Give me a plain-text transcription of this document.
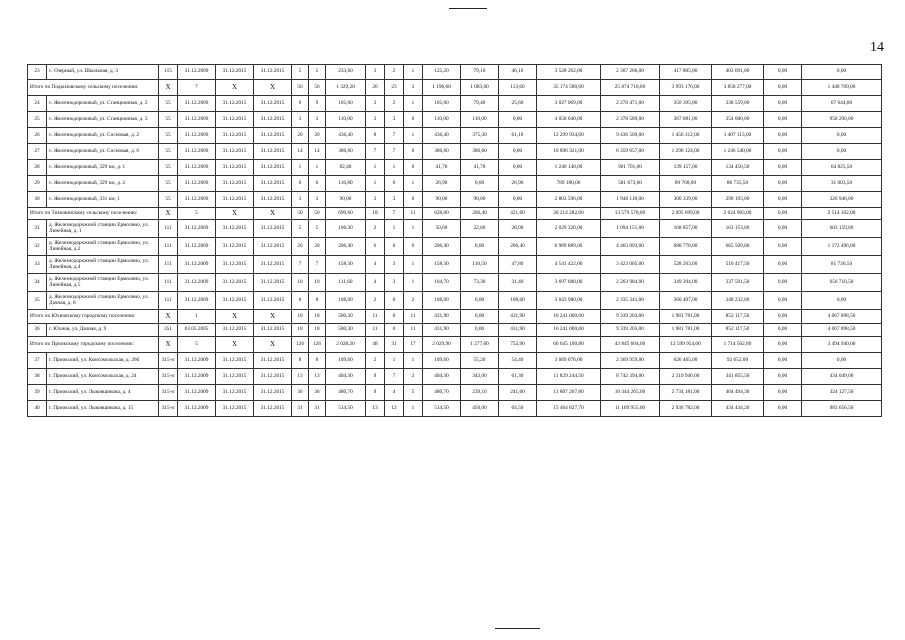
14
23	с. Озерный, ул. Школьная, д. 3	115	31.12.2009	31.12.2015	31.12.2015	5	5	233,60	3	2	1	125,20	79,10	46,10	3 528 262,00	2 307 266,00	417 805,00	403 691,00	0,00	0,00
Итого по Подкизовскому сельскому поселению:		X	7	X	X	56	56	1 329,20	26	23	3	1 196,60	1 083,00	113,60	35 174 580,00	25 874 718,00	3 993 176,00	3 858 277,00	0,00	1 448 709,00
24	с. Железнодорожный, ул. Станционная, д. 2	55	31.12.2009	31.12.2015	31.12.2015	9	9	105,00	3	2	1	105,00	79,40	25,60	3 027 069,00	2 270 471,00	350 395,00	338 559,00	0,00	67 644,00
25	с. Железнодорожный, ул. Станционная, д. 3	55	31.12.2009	31.12.2015	31.12.2015	3	3	110,00	3	3	0	110,00	110,00	0,00	4 058 640,00	2 378 589,00	367 081,00	354 680,00	0,00	958 290,00
26	с. Железнодорожный, ул. Сосновая, д. 2	55	31.12.2009	31.12.2015	31.12.2015	20	20	436,40	8	7	1	436,40	375,30	61,10	12 299 934,00	9 436 509,00	1 456 312,00	1 407 113,00	0,00	0,00
27	с. Железнодорожный, ул. Сосновая, д. 6	55	31.12.2009	31.12.2015	31.12.2015	14	14	386,60	7	7	0	386,60	386,60	0,00	10 896 321,00	8 359 657,00	1 290 124,00	1 246 540,00	0,00	0,00
28	с. Железнодорожный, 329 км, д. 1	55	31.12.2009	31.12.2015	31.12.2015	1	1	82,40	1	1	0	41,70	41,70	0,00	1 240 140,00	901 701,00	139 157,00	134 456,50	0,00	64 825,50
29	с. Железнодорожный, 329 км, д. 2	55	31.12.2009	31.12.2015	31.12.2015	6	6	116,80	1	0	1	26,90	0,00	26,90	789 180,00	581 673,00	89 768,00	86 735,50	0,00	31 003,50
30	с. Железнодорожный, 331 км, 1	55	31.12.2009	31.12.2015	31.12.2015	3	3	90,00	3	3	0	90,00	90,00	0,00	2 803 596,00	1 946 118,00	300 339,00	290 193,00	0,00	326 946,00
Итого по Тимонинскому сельскому поселению:		X	5	X	X	50	50	690,60	18	7	11	628,00	206,40	421,60	20 214 282,00	13 579 578,00	2 095 699,00	2 024 903,00	0,00	2 514 102,00
31	д. Железнодорожной станции Ермолино, ул. Линейная, д. 1	111	31.12.2009	31.12.2015	31.12.2015	5	5	106,30	2	1	1	50,60	22,60	28,00	2 029 320,00	1 094 151,00	168 857,00	163 153,00	0,00	603 159,00
32	д. Железнодорожной станции Ермолино, ул. Линейная, д.2	111	31.12.2009	31.12.2015	31.12.2015	20	20	206,40	6	0	6	206,40	0,00	206,40	6 989 889,00	4 463 093,00	688 778,00	665 509,00	0,00	1 172 496,00
33	д. Железнодорожной станции Ермолино, ул. Линейная, д.4	111	31.12.2009	31.12.2015	31.12.2015	7	7	158,30	4	3	1	158,30	110,50	47,80	4 541 422,00	3 423 005,00	528 263,00	510 417,50	0,00	81 736,50
34	д. Железнодорожной станции Ермолино, ул. Линейная, д.5	111	31.12.2009	31.12.2015	31.12.2015	10	10	111,60	4	3	1	104,70	73,30	31,40	3 697 680,00	2 263 984,00	349 394,00	337 591,50	0,00	656 710,50
35	д. Железнодорожной станции Ермолино, ул. Дачная, д. 8	111	31.12.2009	31.12.2015	31.12.2015	8	8	108,00	2	0	2	108,00	0,00	108,00	3 043 980,00	2 335 341,00	360 407,00	348 232,00	0,00	0,00
Итого по Юхновскому городскому поселению:		X	1	X	X	18	18	500,30	11	0	11	431,90	0,00	431,90	16 241 000,00	9 339 203,00	1 981 781,00	852 117,50	0,00	4 067 898,50
36	г. Юхнов, ул. Дачная, д. 9	351	03.05.2005	31.12.2015	31.12.2015	18	18	500,30	11	0	11	431,90	0,00	431,90	16 241 000,00	9 339 203,00	1 981 781,00	852 117,50	0,00	4 067 898,50
Итого по Приокскому городскому поселению:		X	5	X	X	126	126	2 028,20	48	31	17	2 029,90	1 277,00	752,90	60 645 100,80	43 845 604,00	12 599 954,00	1 714 502,80	0,00	3 494 940,00
37	г. Приокский, ул. Комсомольская, д. 26б	315-п	31.12.2009	31.12.2015	31.12.2015	8	8	109,60	2	1	1	109,60	55,20	54,40	3 089 076,00	2 369 959,00	626 465,00	92 652,00	0,00	0,00
38	г. Приокский, ул. Комсомольская, д. 24	315-п	31.12.2009	31.12.2015	31.12.2015	13	13	404,30	9	7	2	404,30	343,00	61,30	11 829 244,50	8 742 394,00	2 310 946,00	341 855,50	0,00	434 049,00
39	г. Приокский, ул. Лыковщикова, д. 4	315-п	31.12.2009	31.12.2015	31.12.2015	36	36	480,70	9	4	5	480,70	239,10	241,60	13 807 267,80	10 344 265,00	2 734 181,00	404 494,30	0,00	324 127,50
40	г. Приокский, ул. Лыковщикова, д. 15	315-п	31.12.2009	31.12.2015	31.12.2015	31	31	514,50	13	12	1	514,50	450,00	64,50	15 464 827,70	11 109 955,00	2 936 782,00	434 434,20	0,00	983 656,50
